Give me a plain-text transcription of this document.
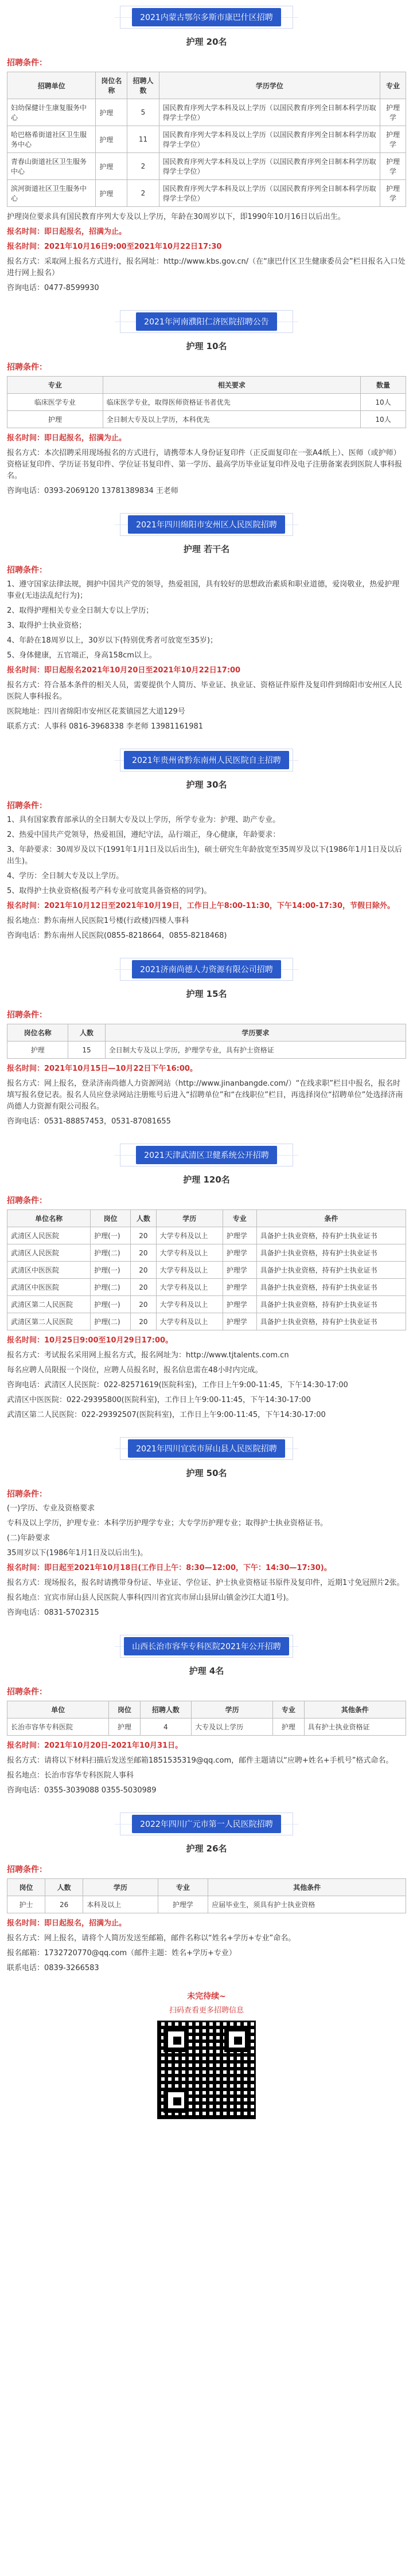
2021内蒙古鄂尔多斯市康巴什区招聘
护理 20名
招聘条件：
招聘单位	岗位名称	招聘人数	学历学位	专业
妇幼保健计生康复服务中心	护理	5	国民教育序列大学本科及以上学历（以国民教育序列全日制本科学历取得学士学位）	护理学
哈巴格希街道社区卫生服务中心	护理	11	国民教育序列大学本科及以上学历（以国民教育序列全日制本科学历取得学士学位）	护理学
青春山街道社区卫生服务中心	护理	2	国民教育序列大学本科及以上学历（以国民教育序列全日制本科学历取得学士学位）	护理学
滨河街道社区卫生服务中心	护理	2	国民教育序列大学本科及以上学历（以国民教育序列全日制本科学历取得学士学位）	护理学
护理岗位要求具有国民教育序列大专及以上学历，年龄在30周岁以下，即1990年10月16日以后出生。
报名时间：即日起报名，招满为止。
报名时间：2021年10月16日9:00至2021年10月22日17:30
报名方式：采取网上报名方式进行，报名网址：http://www.kbs.gov.cn/（在“康巴什区卫生健康委员会”栏目报名入口处进行网上报名）
咨询电话：0477-8599930
2021年河南濮阳仁济医院招聘公告
护理 10名
招聘条件：
专业	相关要求	数量
临床医学专业	临床医学专业，取得医师资格证书者优先	10人
护理	全日制大专及以上学历，本科优先	10人
报名时间：即日起报名，招满为止。
报名方式：本次招聘采用现场报名的方式进行，请携带本人身份证复印件（正反面复印在一张A4纸上）、医师（或护师）资格证复印件、学历证书复印件、学位证书复印件、第一学历、最高学历毕业证复印件及电子注册备案表到医院人事科报名。
咨询电话：0393-2069120 13781389834 王老师
2021年四川绵阳市安州区人民医院招聘
护理 若干名
招聘条件：
1、遵守国家法律法规，拥护中国共产党的领导，热爱祖国，具有较好的思想政治素质和职业道德，爱岗敬业，热爱护理事业(无违法乱纪行为)；
2、取得护理相关专业全日制大专以上学历；
3、取得护士执业资格；
4、年龄在18周岁以上，30岁以下(特别优秀者可放宽至35岁)；
5、身体健康，五官端正，身高158cm以上。
报名时间：即日起报名2021年10月20日至2021年10月22日17:00
报名方式：符合基本条件的相关人员，需要提供个人简历、毕业证、执业证、资格证件原件及复印件到绵阳市安州区人民医院人事科报名。
医院地址：四川省绵阳市安州区花荄镇园艺大道129号
联系方式：人事科 0816-3968338 李老师 13981161981
2021年贵州省黔东南州人民医院自主招聘
护理 30名
招聘条件：
1、具有国家教育部承认的全日制大专及以上学历，所学专业为：护理、助产专业。
2、热爱中国共产党领导，热爱祖国，遵纪守法，品行端正，身心健康，年龄要求：
3、年龄要求：30周岁及以下(1991年1月1日及以后出生)，硕士研究生年龄放宽至35周岁及以下(1986年1月1日及以后出生)。
4、学历：全日制大专及以上学历。
5、取得护士执业资格(报考产科专业可放宽具备资格的同学)。
报名时间：2021年10月12日至2021年10月19日，工作日上午8:00-11:30，下午14:00-17:30，节假日除外。
报名地点：黔东南州人民医院1号楼(行政楼)四楼人事科
咨询电话：黔东南州人民医院(0855-8218664，0855-8218468)
2021济南尚德人力资源有限公司招聘
护理 15名
招聘条件：
岗位名称	人数	学历要求
护理	15	全日制大专及以上学历，护理学专业，具有护士资格证
报名时间：2021年10月15日—10月22日下午16:00。
报名方式：网上报名，登录济南尚德人力资源网站（http://www.jinanbangde.com/）“在线求职”栏目中报名，报名时填写报名登记表。报名人员应登录网站注册账号后进入“招聘单位”和“在线职位”栏目，再选择岗位“招聘单位”处选择济南尚德人力资源有限公司报名。
咨询电话：0531-88857453，0531-87081655
2021天津武清区卫健系统公开招聘
护理 120名
招聘条件：
单位名称	岗位	人数	学历	专业	条件
武清区人民医院	护理(一)	20	大学专科及以上	护理学	具备护士执业资格，持有护士执业证书
武清区人民医院	护理(二)	20	大学专科及以上	护理学	具备护士执业资格，持有护士执业证书
武清区中医医院	护理(一)	20	大学专科及以上	护理学	具备护士执业资格，持有护士执业证书
武清区中医医院	护理(二)	20	大学专科及以上	护理学	具备护士执业资格，持有护士执业证书
武清区第二人民医院	护理(一)	20	大学专科及以上	护理学	具备护士执业资格，持有护士执业证书
武清区第二人民医院	护理(二)	20	大学专科及以上	护理学	具备护士执业资格，持有护士执业证书
报名时间：10月25日9:00至10月29日17:00。
报名方式：考试报名采用网上报名方式，报名网址为：http://www.tjtalents.com.cn
每名应聘人员限报一个岗位，应聘人员报名时，报名信息需在48小时内完成。
咨询电话：武清区人民医院：022-82571619(医院科室)，工作日上午9:00-11:45，下午14:30-17:00
武清区中医医院：022-29395800(医院科室)，工作日上午9:00-11:45，下午14:30-17:00
武清区第二人民医院：022-29392507(医院科室)，工作日上午9:00-11:45，下午14:30-17:00
2021年四川宜宾市屏山县人民医院招聘
护理 50名
招聘条件：
(一)学历、专业及资格要求
专科及以上学历，护理专业：本科学历护理学专业；大专学历护理专业；取得护士执业资格证书。
(二)年龄要求
35周岁以下(1986年1月1日及以后出生)。
报名时间：即日起至2021年10月18日(工作日上午：8:30—12:00，下午：14:30—17:30)。
报名方式：现场报名，报名时请携带身份证、毕业证、学位证、护士执业资格证书原件及复印件，近期1寸免冠照片2张。
报名地点：宜宾市屏山县人民医院人事科(四川省宜宾市屏山县屏山镇金沙江大道1号)。
咨询电话：0831-5702315
山西长治市容华专科医院2021年公开招聘
护理 4名
招聘条件：
单位	岗位	招聘人数	学历	专业	其他条件
长治市容华专科医院	护理	4	大专及以上学历	护理	具有护士执业资格证
报名时间：2021年10月20日-2021年10月31日。
报名方式：请将以下材料扫描后发送至邮箱1851535319@qq.com，邮件主题请以“应聘+姓名+手机号”格式命名。
报名地点：长治市容华专科医院人事科
咨询电话：0355-3039088 0355-5030989
2022年四川广元市第一人民医院招聘
护理 26名
招聘条件：
岗位	人数	学历	专业	其他条件
护士	26	本科及以上	护理学	应届毕业生，须具有护士执业资格
报名时间：即日起报名，招满为止。
报名方式：网上报名，请将个人简历发送至邮箱，邮件名称以“姓名+学历+专业”命名。
报名邮箱：1732720770@qq.com（邮件主题：姓名+学历+专业）
联系电话：0839-3266583
未完待续~
扫码查看更多招聘信息
